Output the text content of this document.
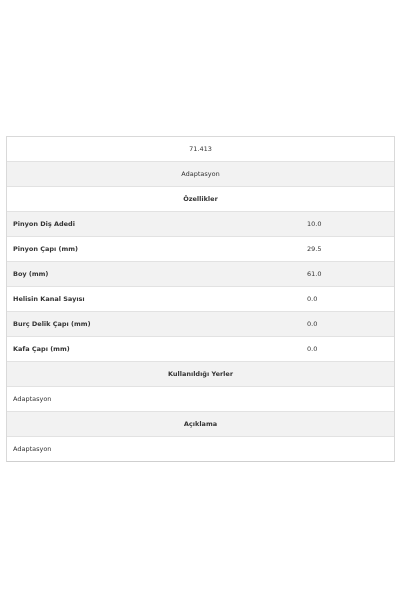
71.413
Adaptasyon
Özellikler
Pinyon Diş Adedi	10.0
Pinyon Çapı (mm)	29.5
Boy (mm)	61.0
Helisin Kanal Sayısı	0.0
Burç Delik Çapı (mm)	0.0
Kafa Çapı (mm)	0.0
Kullanıldığı Yerler
Adaptasyon
Açıklama
Adaptasyon
